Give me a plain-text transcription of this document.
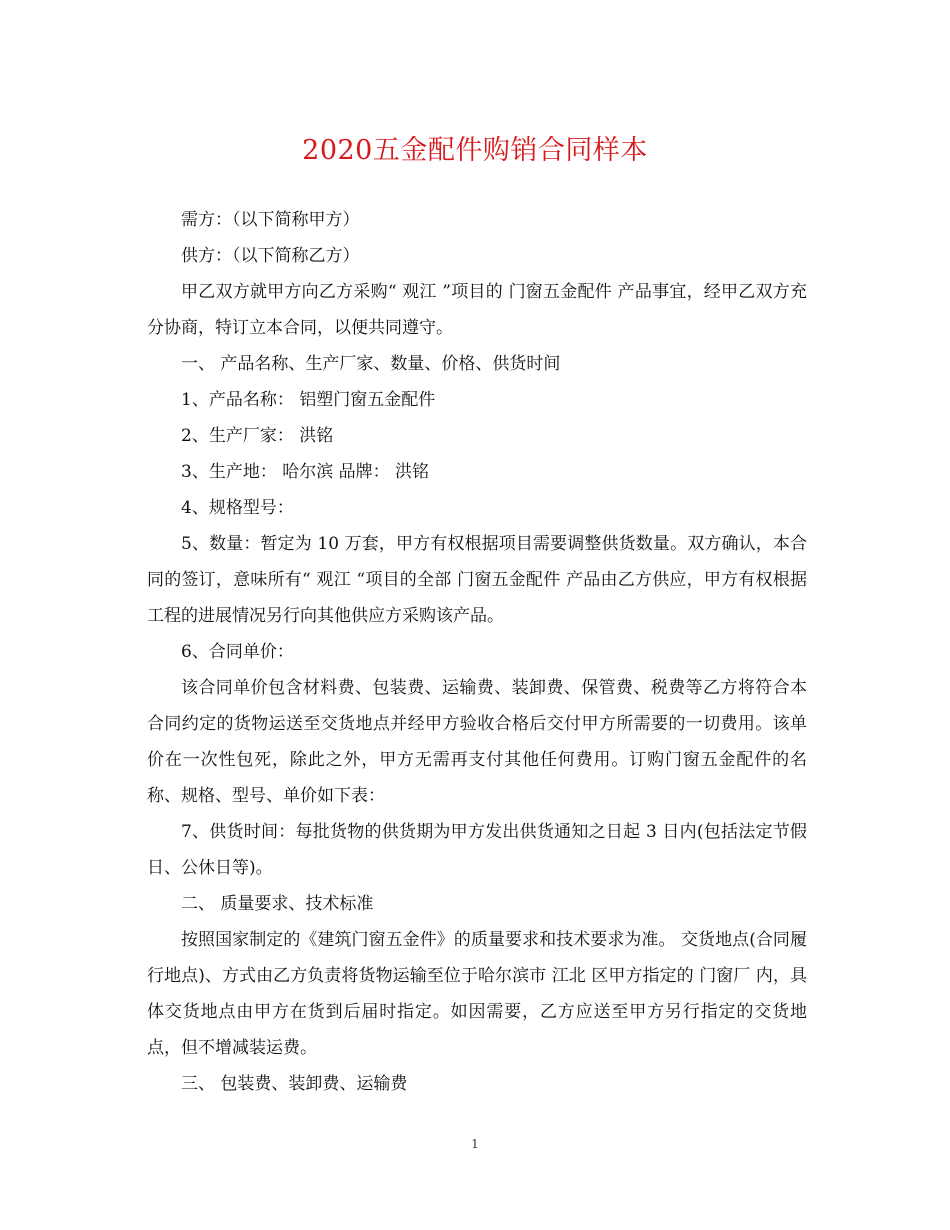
2020五金配件购销合同样本

需方：（以下简称甲方）

供方：（以下简称乙方）

甲乙双方就甲方向乙方采购“ 观江 ”项目的 门窗五金配件 产品事宜，经甲乙双方充分协商，特订立本合同，以便共同遵守。

一、 产品名称、生产厂家、数量、价格、供货时间

1、产品名称： 铝塑门窗五金配件

2、生产厂家： 洪铭

3、生产地： 哈尔滨 品牌： 洪铭

4、规格型号：

5、数量：暂定为 10 万套，甲方有权根据项目需要调整供货数量。双方确认，本合同的签订，意味所有“ 观江 “项目的全部 门窗五金配件 产品由乙方供应，甲方有权根据工程的进展情况另行向其他供应方采购该产品。

6、合同单价：

该合同单价包含材料费、包装费、运输费、装卸费、保管费、税费等乙方将符合本合同约定的货物运送至交货地点并经甲方验收合格后交付甲方所需要的一切费用。该单价在一次性包死，除此之外，甲方无需再支付其他任何费用。订购门窗五金配件的名称、规格、型号、单价如下表：

7、供货时间：每批货物的供货期为甲方发出供货通知之日起 3 日内(包括法定节假日、公休日等)。

二、 质量要求、技术标准

按照国家制定的《建筑门窗五金件》的质量要求和技术要求为准。 交货地点(合同履行地点)、方式由乙方负责将货物运输至位于哈尔滨市 江北 区甲方指定的 门窗厂 内，具体交货地点由甲方在货到后届时指定。如因需要，乙方应送至甲方另行指定的交货地点，但不增减装运费。

三、 包装费、装卸费、运输费

1
